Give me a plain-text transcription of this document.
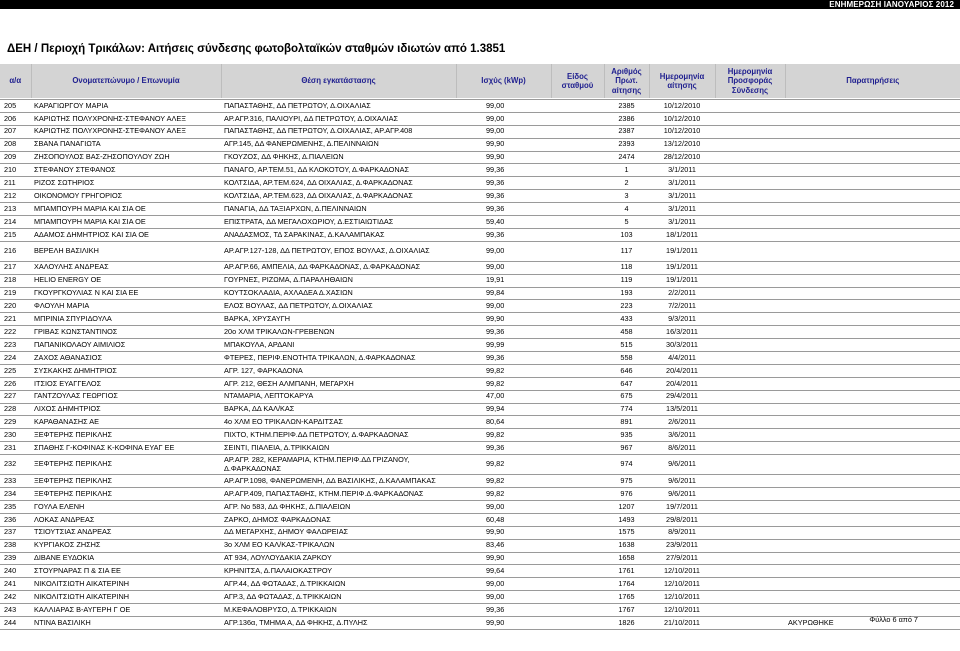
ΕΝΗΜΕΡΩΣΗ ΙΑΝΟΥΑΡΙΟΣ 2012
ΔΕΗ / Περιοχή Τρικάλων: Αιτήσεις σύνδεσης φωτοβολταϊκών σταθμών ιδιωτών από 1.3851
α/α	Ονοματεπώνυμο / Επωνυμία	Θέση εγκατάστασης	Ισχύς (kWp)	Είδος σταθμού	Αριθμός Πρωτ. αίτησης	Ημερομηνία αίτησης	Ημερομηνία Προσφοράς Σύνδεσης	Παρατηρήσεις

205	ΚΑΡΑΓΙΩΡΓΟΥ ΜΑΡΙΑ	ΠΑΠΑΣΤΑΘΗΣ, ΔΔ ΠΕΤΡΩΤΟΥ, Δ.ΟΙΧΑΛΙΑΣ	99,00		2385	10/12/2010		
206	ΚΑΡΙΩΤΗΣ ΠΟΛΥΧΡΟΝΗΣ-ΣΤΕΦΑΝΟΥ ΑΛΕΞ	ΑΡ.ΑΓΡ.316, ΠΑΛΙΟΥΡΙ, ΔΔ ΠΕΤΡΩΤΟΥ, Δ.ΟΙΧΑΛΙΑΣ	99,00		2386	10/12/2010		
207	ΚΑΡΙΩΤΗΣ ΠΟΛΥΧΡΟΝΗΣ-ΣΤΕΦΑΝΟΥ ΑΛΕΞ	ΠΑΠΑΣΤΑΘΗΣ, ΔΔ ΠΕΤΡΩΤΟΥ, Δ.ΟΙΧΑΛΙΑΣ, ΑΡ.ΑΓΡ.408	99,00		2387	10/12/2010		
208	ΣΒΑΝΑ ΠΑΝΑΓΙΩΤΑ	ΑΓΡ.145, ΔΔ ΦΑΝΕΡΩΜΕΝΗΣ, Δ.ΠΕΛΙΝΝΑΙΩΝ	99,90		2393	13/12/2010		
209	ΖΗΣΟΠΟΥΛΟΣ ΒΑΣ-ΖΗΣΟΠΟΥΛΟΥ ΖΩΗ	ΓΚΟΥΖΟΣ, ΔΔ ΦΗΚΗΣ, Δ.ΠΙΑΛΕΙΩΝ	99,90		2474	28/12/2010		
210	ΣΤΕΦΑΝΟΥ ΣΤΕΦΑΝΟΣ	ΠΑΝΑΓΟ, ΑΡ.ΤΕΜ.51, ΔΔ ΚΛΟΚΟΤΟΥ, Δ.ΦΑΡΚΑΔΟΝΑΣ	99,36		1	3/1/2011		
211	ΡΙΖΟΣ ΣΩΤΗΡΙΟΣ	ΚΟΛΤΣΙΔΑ, ΑΡ.ΤΕΜ.624, ΔΔ ΟΙΧΑΛΙΑΣ, Δ.ΦΑΡΚΑΔΟΝΑΣ	99,36		2	3/1/2011		
212	ΟΙΚΟΝΟΜΟΥ ΓΡΗΓΟΡΙΟΣ	ΚΟΛΤΣΙΔΑ, ΑΡ.ΤΕΜ.623, ΔΔ ΟΙΧΑΛΙΑΣ, Δ.ΦΑΡΚΑΔΟΝΑΣ	99,36		3	3/1/2011		
213	ΜΠΑΜΠΟΥΡΗ ΜΑΡΙΑ ΚΑΙ ΣΙΑ ΟΕ	ΠΑΝΑΓΙΑ, ΔΔ ΤΑΞΙΑΡΧΩΝ, Δ.ΠΕΛΙΝΝΑΙΩΝ	99,36		4	3/1/2011		
214	ΜΠΑΜΠΟΥΡΗ ΜΑΡΙΑ ΚΑΙ ΣΙΑ ΟΕ	ΕΠΙΣΤΡΑΤΑ, ΔΔ ΜΕΓΑΛΟΧΩΡΙΟΥ, Δ.ΕΣΤΙΑΙΩΤΙΔΑΣ	59,40		5	3/1/2011		
215	ΑΔΑΜΟΣ ΔΗΜΗΤΡΙΟΣ ΚΑΙ ΣΙΑ ΟΕ	ΑΝΑΔΑΣΜΟΣ, ΤΔ ΣΑΡΑΚΙΝΑΣ, Δ.ΚΑΛΑΜΠΑΚΑΣ	99,36		103	18/1/2011		
216	ΒΕΡΕΛΗ ΒΑΣΙΛΙΚΗ	ΑΡ.ΑΓΡ.127-128, ΔΔ ΠΕΤΡΩΤΟΥ, ΕΠΟΣ ΒΟΥΛΑΣ, Δ.ΟΙΧΑΛΙΑΣ	99,00		117	19/1/2011		
217	ΧΑΛΟΥΛΗΣ ΑΝΔΡΕΑΣ	ΑΡ.ΑΓΡ.66, ΑΜΠΕΛΙΑ, ΔΔ ΦΑΡΚΑΔΟΝΑΣ, Δ.ΦΑΡΚΑΔΟΝΑΣ	99,00		118	19/1/2011		
218	HELIO ENERGY OE	ΓΟΥΡΝΕΣ, ΡΙΖΩΜΑ, Δ.ΠΑΡΑΛΗΘΑΙΩΝ	19,91		119	19/1/2011		
219	ΓΚΟΥΡΓΚΟΥΛΙΑΣ Ν ΚΑΙ ΣΙΑ ΕΕ	ΚΟΥΤΣΟΚΛΑΔΙΑ, ΑΧΛΑΔΕΑ Δ.ΧΑΣΙΩΝ	99,84		193	2/2/2011		
220	ΦΛΟΥΛΗ ΜΑΡΙΑ	ΕΛΟΣ ΒΟΥΛΑΣ, ΔΔ ΠΕΤΡΩΤΟΥ, Δ.ΟΙΧΑΛΙΑΣ	99,00		223	7/2/2011		
221	ΜΠΡΙΝΙΑ ΣΠΥΡΙΔΟΥΛΑ	ΒΑΡΚΑ, ΧΡΥΣΑΥΓΗ	99,90		433	9/3/2011		
222	ΓΡΙΒΑΣ ΚΩΝΣΤΑΝΤΙΝΟΣ	20ο ΧΛΜ ΤΡΙΚΑΛΩΝ-ΓΡΕΒΕΝΩΝ	99,36		458	16/3/2011		
223	ΠΑΠΑΝΙΚΟΛΑΟΥ ΑΙΜΙΛΙΟΣ	ΜΠΑΚΟΥΛΑ, ΑΡΔΑΝΙ	99,99		515	30/3/2011		
224	ΖΑΧΟΣ ΑΘΑΝΑΣΙΟΣ	ΦΤΕΡΕΣ, ΠΕΡΙΦ.ΕΝΟΤΗΤΑ ΤΡΙΚΑΛΩΝ, Δ.ΦΑΡΚΑΔΟΝΑΣ	99,36		558	4/4/2011		
225	ΣΥΣΚΑΚΗΣ ΔΗΜΗΤΡΙΟΣ	ΑΓΡ. 127, ΦΑΡΚΑΔΟΝΑ	99,82		646	20/4/2011		
226	ΙΤΣΙΟΣ ΕΥΑΓΓΕΛΟΣ	ΑΓΡ. 212, ΘΕΣΗ ΑΛΜΠΑΝΗ, ΜΕΓΑΡΧΗ	99,82		647	20/4/2011		
227	ΓΑΝΤΖΟΥΛΑΣ ΓΕΩΡΓΙΟΣ	ΝΤΑΜΑΡΙΑ, ΛΕΠΤΟΚΑΡΥΑ	47,00		675	29/4/2011		
228	ΛΙΧΟΣ ΔΗΜΗΤΡΙΟΣ	ΒΑΡΚΑ, ΔΔ ΚΑΛ/ΚΑΣ	99,94		774	13/5/2011		
229	ΚΑΡΑΘΑΝΑΣΗΣ ΑΕ	4ο ΧΛΜ ΕΟ ΤΡΙΚΑΛΩΝ-ΚΑΡΔΙΤΣΑΣ	80,64		891	2/6/2011		
230	ΞΕΦΤΕΡΗΣ ΠΕΡΙΚΛΗΣ	ΠΙΧΤΟ, ΚΤΗΜ.ΠΕΡΙΦ.ΔΔ ΠΕΤΡΩΤΟΥ, Δ.ΦΑΡΚΑΔΟΝΑΣ	99,82		935	3/6/2011		
231	ΣΠΑΘΗΣ Γ-ΚΟΦΙΝΑΣ Κ-ΚΟΦΙΝΑ ΕΥΑΓ ΕΕ	ΣΕΙΝΤΙ, ΠΙΑΛΕΙΑ, Δ.ΤΡΙΚΚΑΙΩΝ	99,36		967	8/6/2011		
232	ΞΕΦΤΕΡΗΣ ΠΕΡΙΚΛΗΣ	ΑΡ.ΑΓΡ. 282, ΚΕΡΑΜΑΡΙΑ, ΚΤΗΜ.ΠΕΡΙΦ.ΔΔ ΓΡΙΖΑΝΟΥ, Δ.ΦΑΡΚΑΔΟΝΑΣ	99,82		974	9/6/2011		
233	ΞΕΦΤΕΡΗΣ ΠΕΡΙΚΛΗΣ	ΑΡ.ΑΓΡ.1098, ΦΑΝΕΡΩΜΕΝΗ, ΔΔ ΒΑΣΙΛΙΚΗΣ, Δ.ΚΑΛΑΜΠΑΚΑΣ	99,82		975	9/6/2011		
234	ΞΕΦΤΕΡΗΣ ΠΕΡΙΚΛΗΣ	ΑΡ.ΑΓΡ.409, ΠΑΠΑΣΤΑΘΗΣ, ΚΤΗΜ.ΠΕΡΙΦ.Δ.ΦΑΡΚΑΔΟΝΑΣ	99,82		976	9/6/2011		
235	ΓΟΥΛΑ ΕΛΕΝΗ	ΑΓΡ. Νο 583, ΔΔ ΦΗΚΗΣ, Δ.ΠΙΑΛΕΙΩΝ	99,00		1207	19/7/2011		
236	ΛΟΚΑΣ ΑΝΔΡΕΑΣ	ΖΑΡΚΟ, ΔΗΜΟΣ ΦΑΡΚΑΔΟΝΑΣ	60,48		1493	29/8/2011		
237	ΤΣΙΟΥΤΣΙΑΣ ΑΝΔΡΕΑΣ	ΔΔ ΜΕΓΑΡΧΗΣ, ΔΗΜΟΥ ΦΑΛΩΡΕΙΑΣ	99,90		1575	8/9/2011		
238	ΚΥΡΓΙΑΚΟΣ ΖΗΣΗΣ	3ο ΧΛΜ ΕΟ ΚΑΛ/ΚΑΣ-ΤΡΙΚΑΛΩΝ	83,46		1638	23/9/2011		
239	ΔΙΒΑΝΕ ΕΥΔΟΚΙΑ	ΑΤ 934, ΛΟΥΛΟΥΔΑΚΙΑ ΖΑΡΚΟΥ	99,90		1658	27/9/2011		
240	ΣΤΟΥΡΝΑΡΑΣ Π & ΣΙΑ ΕΕ	ΚΡΗΝΙΤΣΑ, Δ.ΠΑΛΑΙΟΚΑΣΤΡΟΥ	99,64		1761	12/10/2011		
241	ΝΙΚΟΛΙΤΣΙΩΤΗ ΑΙΚΑΤΕΡΙΝΗ	ΑΓΡ.44, ΔΔ ΦΩΤΑΔΑΣ, Δ.ΤΡΙΚΚΑΙΩΝ	99,00		1764	12/10/2011		
242	ΝΙΚΟΛΙΤΣΙΩΤΗ ΑΙΚΑΤΕΡΙΝΗ	ΑΓΡ.3, ΔΔ ΦΩΤΑΔΑΣ, Δ.ΤΡΙΚΚΑΙΩΝ	99,00		1765	12/10/2011		
243	ΚΑΛΛΙΑΡΑΣ Β-ΑΥΓΕΡΗ Γ ΟΕ	Μ.ΚΕΦΑΛΟΒΡΥΣΟ, Δ.ΤΡΙΚΚΑΙΩΝ	99,36		1767	12/10/2011		
244	ΝΤΙΝΑ ΒΑΣΙΛΙΚΗ	ΑΓΡ.136α, ΤΜΗΜΑ Α, ΔΔ ΦΗΚΗΣ, Δ.ΠΥΛΗΣ	99,90		1826	21/10/2011		ΑΚΥΡΩΘΗΚΕ	Φύλλο 6 από 7
